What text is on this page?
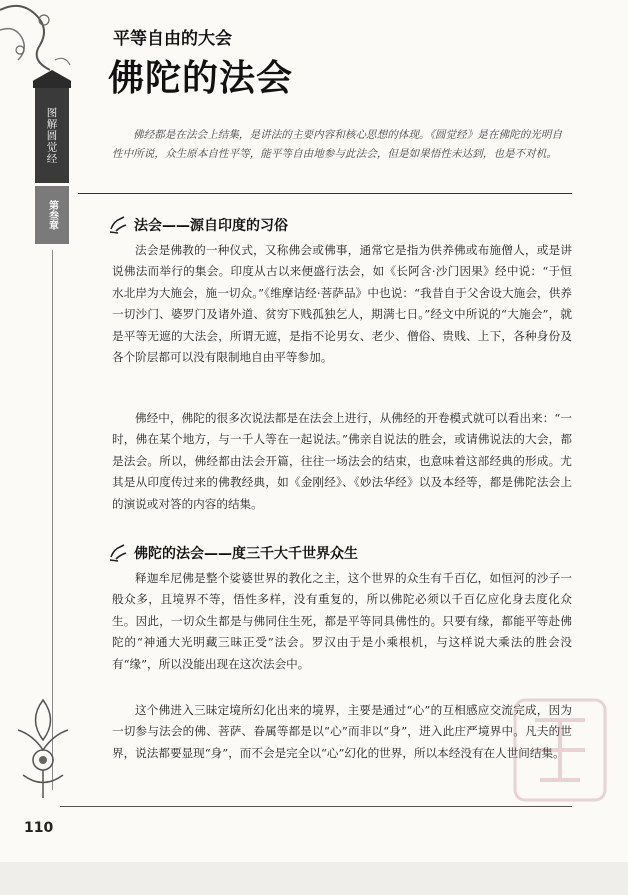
图解圆觉经
第叁章
平等自由的大会
佛陀的法会
佛经都是在法会上结集，是讲法的主要内容和核心思想的体现。《圆觉经》是在佛陀的光明自性中所说，众生原本自性平等，能平等自由地参与此法会，但是如果悟性未达到，也是不对机。
法会——源自印度的习俗
法会是佛教的一种仪式，又称佛会或佛事，通常它是指为供养佛或布施僧人，或是讲说佛法而举行的集会。印度从古以来便盛行法会，如《长阿含·沙门因果》经中说：“于恒水北岸为大施会，施一切众。”《维摩诘经·菩萨品》中也说：“我昔自于父舍设大施会，供养一切沙门、婆罗门及诸外道、贫穷下贱孤独乞人，期满七日。”经文中所说的“大施会”，就是平等无遮的大法会，所谓无遮，是指不论男女、老少、僧俗、贵贱、上下，各种身份及各个阶层都可以没有限制地自由平等参加。
佛经中，佛陀的很多次说法都是在法会上进行，从佛经的开卷模式就可以看出来：“一时，佛在某个地方，与一千人等在一起说法。”佛亲自说法的胜会，或请佛说法的大会，都是法会。所以，佛经都由法会开篇，往往一场法会的结束，也意味着这部经典的形成。尤其是从印度传过来的佛教经典，如《金刚经》、《妙法华经》以及本经等，都是佛陀法会上的演说或对答的内容的结集。
佛陀的法会——度三千大千世界众生
释迦牟尼佛是整个娑婆世界的教化之主，这个世界的众生有千百亿，如恒河的沙子一般众多，且境界不等，悟性多样，没有重复的，所以佛陀必须以千百亿应化身去度化众生。因此，一切众生都是与佛同住生死，都是平等同具佛性的。只要有缘，都能平等赴佛陀的“神通大光明藏三昧正受”法会。罗汉由于是小乘根机，与这样说大乘法的胜会没有“缘”，所以没能出现在这次法会中。
这个佛进入三昧定境所幻化出来的境界，主要是通过“心”的互相感应交流完成，因为一切参与法会的佛、菩萨、眷属等都是以“心”而非以“身”，进入此庄严境界中。凡夫的世界，说法都要显现“身”，而不会是完全以“心”幻化的世界，所以本经没有在人世间结集。
110
